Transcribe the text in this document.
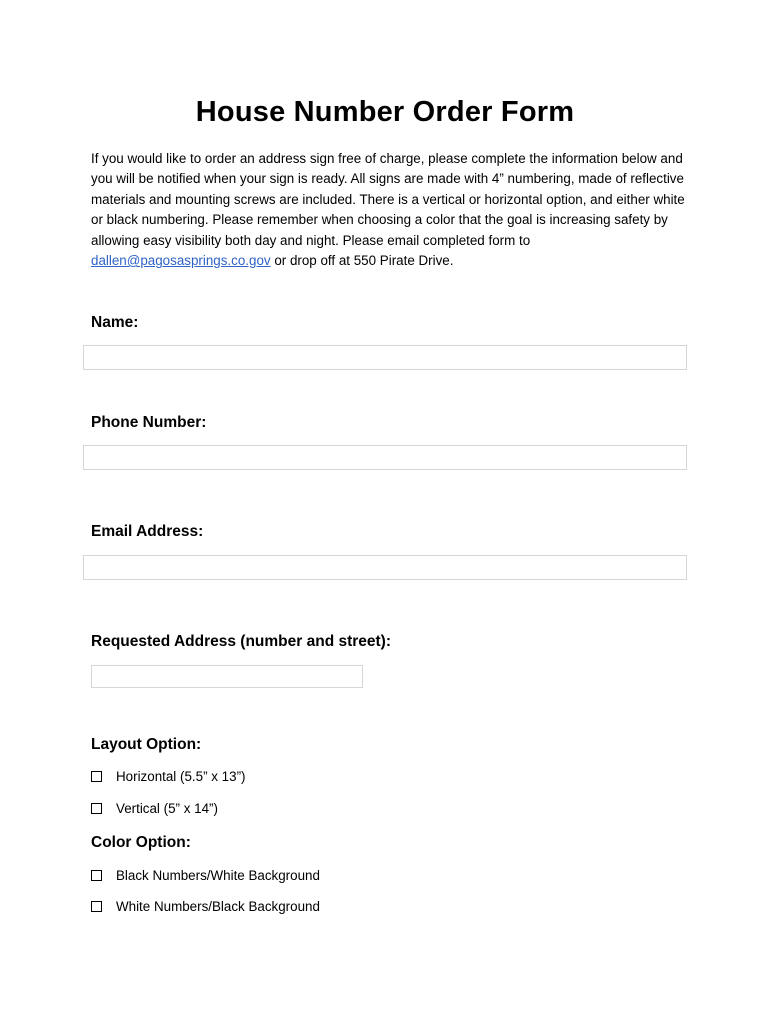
House Number Order Form
If you would like to order an address sign free of charge, please complete the information below and you will be notified when your sign is ready. All signs are made with 4” numbering, made of reflective materials and mounting screws are included. There is a vertical or horizontal option, and either white or black numbering. Please remember when choosing a color that the goal is increasing safety by allowing easy visibility both day and night. Please email completed form to dallen@pagosasprings.co.gov or drop off at 550 Pirate Drive.
Name:
Phone Number:
Email Address:
Requested Address (number and street):
Layout Option:
Horizontal (5.5” x 13”)
Vertical (5” x 14”)
Color Option:
Black Numbers/White Background
White Numbers/Black Background
